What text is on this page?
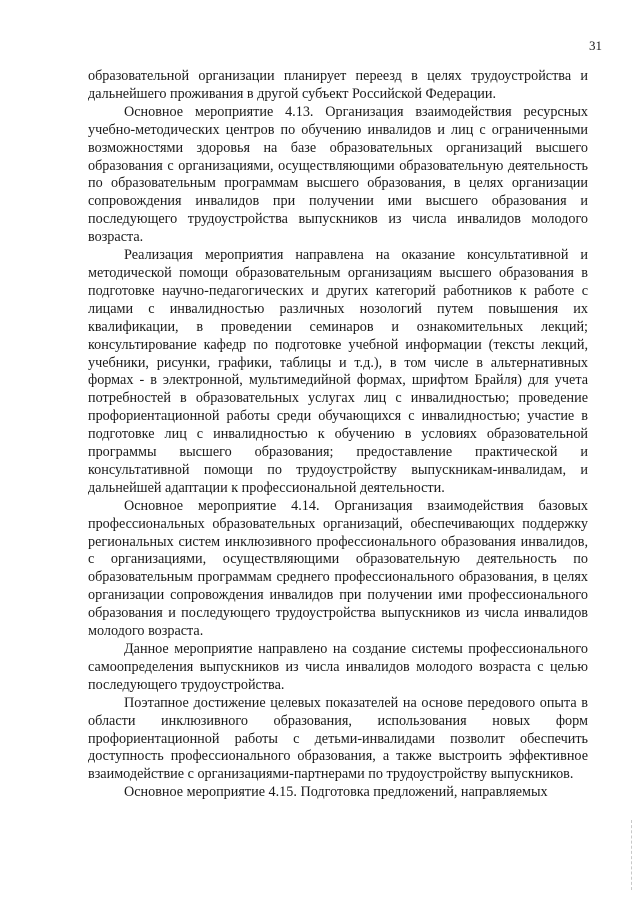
31

образовательной организации планирует переезд в целях трудоустройства и дальнейшего проживания в другой субъект Российской Федерации.

Основное мероприятие 4.13. Организация взаимодействия ресурсных учебно-методических центров по обучению инвалидов и лиц с ограниченными возможностями здоровья на базе образовательных организаций высшего образования с организациями, осуществляющими образовательную деятельность по образовательным программам высшего образования, в целях организации сопровождения инвалидов при получении ими высшего образования и последующего трудоустройства выпускников из числа инвалидов молодого возраста.

Реализация мероприятия направлена на оказание консультативной и методической помощи образовательным организациям высшего образования в подготовке научно-педагогических и других категорий работников к работе с лицами с инвалидностью различных нозологий путем повышения их квалификации, в проведении семинаров и ознакомительных лекций; консультирование кафедр по подготовке учебной информации (тексты лекций, учебники, рисунки, графики, таблицы и т.д.), в том числе в альтернативных формах - в электронной, мультимедийной формах, шрифтом Брайля) для учета потребностей в образовательных услугах лиц с инвалидностью; проведение профориентационной работы среди обучающихся с инвалидностью; участие в подготовке лиц с инвалидностью к обучению в условиях образовательной программы высшего образования; предоставление практической и консультативной помощи по трудоустройству выпускникам-инвалидам, и дальнейшей адаптации к профессиональной деятельности.

Основное мероприятие 4.14. Организация взаимодействия базовых профессиональных образовательных организаций, обеспечивающих поддержку региональных систем инклюзивного профессионального образования инвалидов, с организациями, осуществляющими образовательную деятельность по образовательным программам среднего профессионального образования, в целях организации сопровождения инвалидов при получении ими профессионального образования и последующего трудоустройства выпускников из числа инвалидов молодого возраста.

Данное мероприятие направлено на создание системы профессионального самоопределения выпускников из числа инвалидов молодого возраста с целью последующего трудоустройства.

Поэтапное достижение целевых показателей на основе передового опыта в области инклюзивного образования, использования новых форм профориентационной работы с детьми-инвалидами позволит обеспечить доступность профессионального образования, а также выстроить эффективное взаимодействие с организациями-партнерами по трудоустройству выпускников.

Основное мероприятие 4.15. Подготовка предложений, направляемых
